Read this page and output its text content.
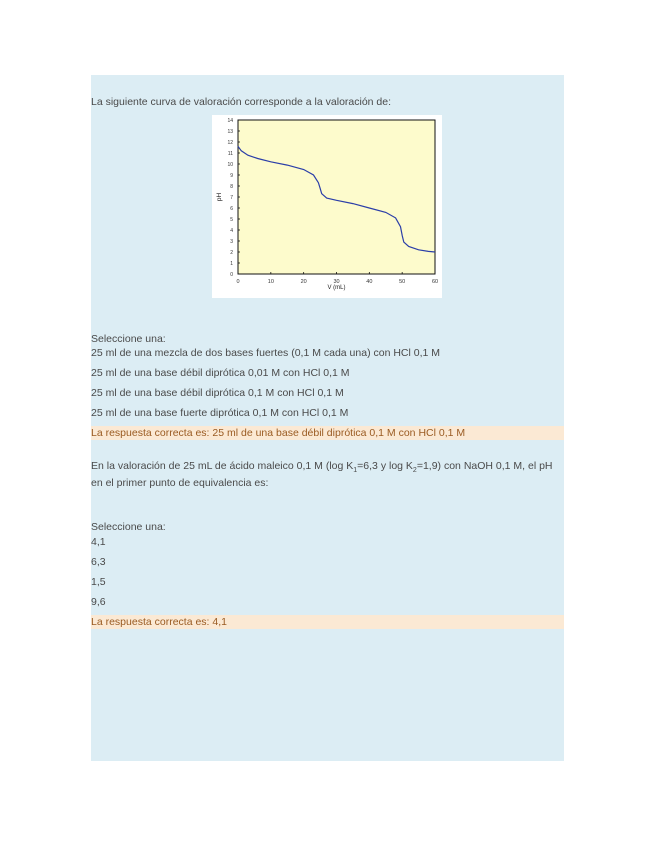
La siguiente curva de valoración corresponde a la valoración de:
0	10	20	30	40	50	60
0
1
2
3
4
5
6
7
8
9
10
11
12
13
14
V (mL)
pH
Seleccione una:
25 ml de una mezcla de dos bases fuertes (0,1 M cada una) con HCl 0,1 M
25 ml de una base débil diprótica 0,01 M con HCl 0,1 M
25 ml de una base débil diprótica 0,1 M con HCl 0,1 M
25 ml de una base fuerte diprótica 0,1 M con HCl 0,1 M
La respuesta correcta es: 25 ml de una base débil diprótica 0,1 M con HCl 0,1 M
En la valoración de 25 mL de ácido maleico 0,1 M (log $K_1=6,3$ y $\log K_2=1,9$) con NaOH 0,1 M, el pH en el primer punto de equivalencia es:
Seleccione una:
4,1
6,3
1,5
9,6
La respuesta correcta es: 4,1
